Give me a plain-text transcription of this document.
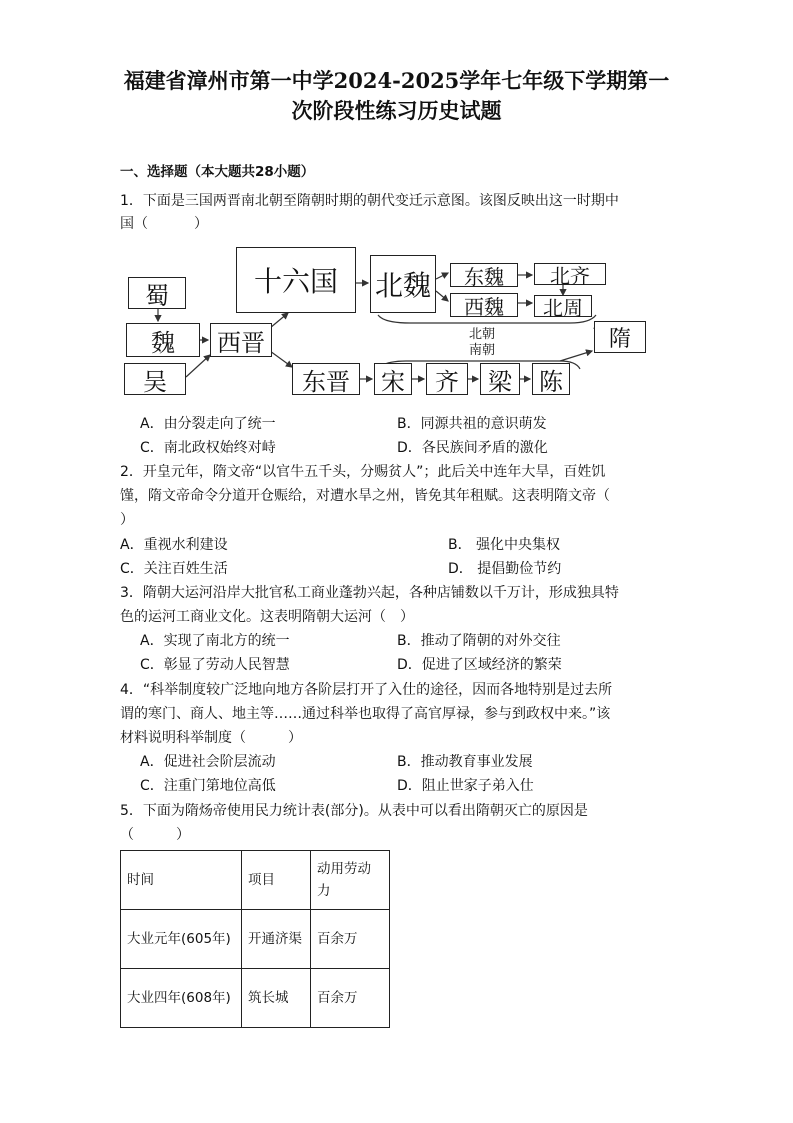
福建省漳州市第一中学2024-2025学年七年级下学期第一
次阶段性练习历史试题
一、选择题（本大题共28小题）
1．下面是三国两晋南北朝至隋朝时期的朝代变迁示意图。该图反映出这一时期中
国（	）
蜀
魏
吴
西晋
十六国	北魏	东魏
西魏
北齐
北周
北朝
南朝	隋
东晋	宋	齐	梁	陈
A．由分裂走向了统一	B．同源共祖的意识萌发
C．南北政权始终对峙	D．各民族间矛盾的激化
2．开皇元年，隋文帝“以官牛五千头，分赐贫人”；此后关中连年大旱，百姓饥
馑，隋文帝命令分道开仓赈给，对遭水旱之州，皆免其年租赋。这表明隋文帝（
）
A．重视水利建设	B． 强化中央集权
C．关注百姓生活	D． 提倡勤俭节约
3．隋朝大运河沿岸大批官私工商业蓬勃兴起，各种店铺数以千万计，形成独具特
色的运河工商业文化。这表明隋朝大运河（　）
A．实现了南北方的统一	B．推动了隋朝的对外交往
C．彰显了劳动人民智慧	D．促进了区域经济的繁荣
4．“科举制度较广泛地向地方各阶层打开了入仕的途径，因而各地特别是过去所
谓的寒门、商人、地主等……通过科举也取得了高官厚禄，参与到政权中来。”该
材料说明科举制度（　　　）
A．促进社会阶层流动	B．推动教育事业发展
C．注重门第地位高低	D．阻止世家子弟入仕
5．下面为隋炀帝使用民力统计表(部分)。从表中可以看出隋朝灭亡的原因是
（　　　）
时间	项目	动用劳动力
大业元年(605年)	开通济渠	百余万
大业四年(608年)	筑长城	百余万
